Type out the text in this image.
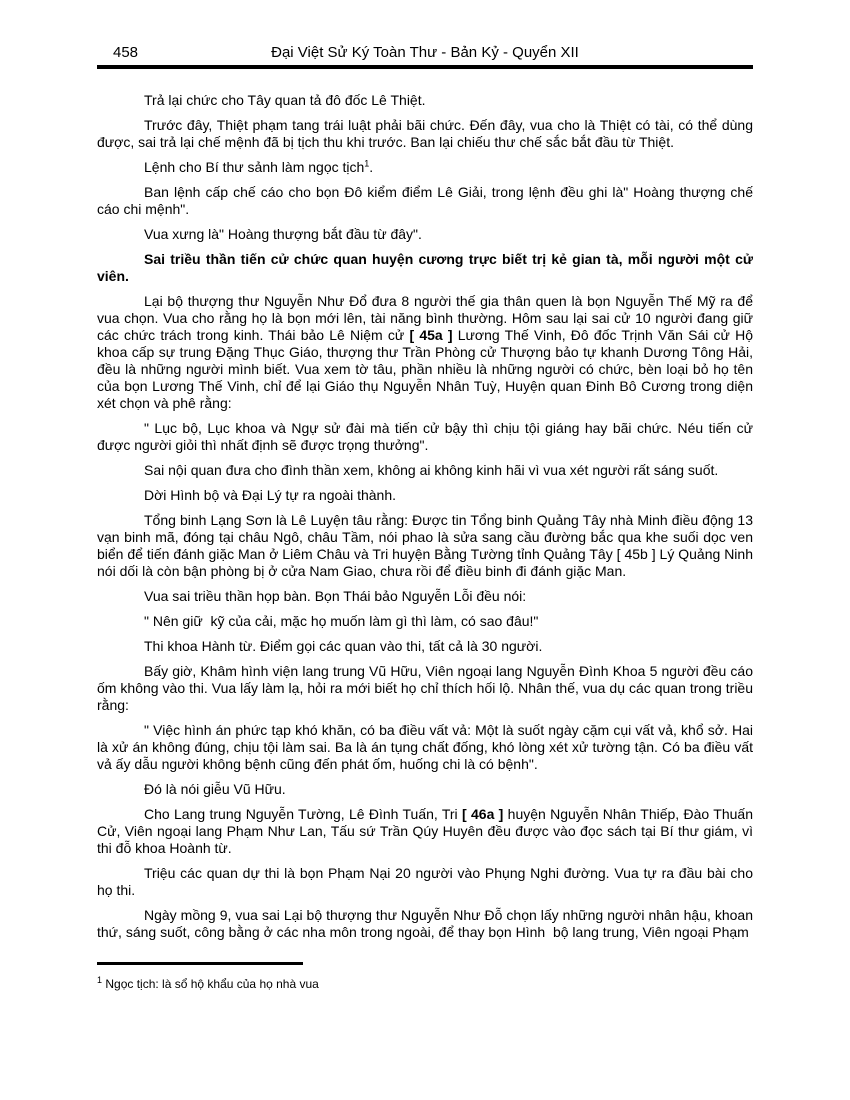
458	Đại Việt Sử Ký Toàn Thư - Bản Kỷ - Quyển XII

Trả lại chức cho Tây quan tả đô đốc Lê Thiệt.

Trước đây, Thiệt phạm tang trái luật phải bãi chức. Đến đây, vua cho là Thiệt có tài, có thể dùng được, sai trả lại chế mệnh đã bị tịch thu khi trước. Ban lại chiếu thư chế sắc bắt đầu từ Thiệt.

Lệnh cho Bí thư sảnh làm ngọc tịch$^1$.

Ban lệnh cấp chế cáo cho bọn Đô kiểm điểm Lê Giải, trong lệnh đều ghi là" Hoàng thượng chế cáo chi mệnh".

Vua xưng là" Hoàng thượng bắt đầu từ đây".

Sai triều thần tiến cử chức quan huyện cương trực biết trị kẻ gian tà, mỗi người một cử viên.

Lại bộ thượng thư Nguyễn Như Đổ đưa 8 người thế gia thân quen là bọn Nguyễn Thế Mỹ ra để vua chọn. Vua cho rằng họ là bọn mới lên, tài năng bình thường. Hôm sau lại sai cử 10 người đang giữ các chức trách trong kinh. Thái bảo Lê Niệm cử [ 45a ] Lương Thế Vinh, Đô đốc Trịnh Văn Sái cử Hộ khoa cấp sự trung Đặng Thục Giáo, thượng thư Trần Phòng cử Thượng bảo tự khanh Dương Tông Hải, đều là những người mình biết. Vua xem tờ tâu, phần nhiều là những người có chức, bèn loại bỏ họ tên của bọn Lương Thế Vinh, chỉ để lại Giáo thụ Nguyễn Nhân Tuỳ, Huyện quan Đinh Bô Cương trong diện xét chọn và phê rằng:

" Lục bộ, Lục khoa và Ngự sử đài mà tiến cử bậy thì chịu tội giáng hay bãi chức. Néu tiến cử được người giỏi thì nhất định sẽ được trọng thưởng".

Sai nội quan đưa cho đình thần xem, không ai không kinh hãi vì vua xét người rất sáng suốt.

Dời Hình bộ và Đại Lý tự ra ngoài thành.

Tổng binh Lạng Sơn là Lê Luyện tâu rằng: Được tin Tổng binh Quảng Tây nhà Minh điều động 13 vạn binh mã, đóng tại châu Ngô, châu Tầm, nói phao là sửa sang cầu đường bắc qua khe suối dọc ven biển để tiến đánh giặc Man ở Liêm Châu và Tri huyện Bằng Tường tỉnh Quảng Tây [ 45b ] Lý Quảng Ninh nói dối là còn bận phòng bị ở cửa Nam Giao, chưa rồi để điều binh đi đánh giặc Man.

Vua sai triều thần họp bàn. Bọn Thái bảo Nguyễn Lỗi đều nói:

" Nên giữ  kỹ của cải, mặc họ muốn làm gì thì làm, có sao đâu!"

Thi khoa Hành từ. Điểm gọi các quan vào thi, tất cả là 30 người.

Bấy giờ, Khâm hình viện lang trung Vũ Hữu, Viên ngoại lang Nguyễn Đình Khoa 5 người đều cáo ốm không vào thi. Vua lấy làm lạ, hỏi ra mới biết họ chỉ thích hối lộ. Nhân thế, vua dụ các quan trong triều rằng:

" Việc hình án phức tạp khó khăn, có ba điều vất vả: Một là suốt ngày cặm cụi vất vả, khổ sở. Hai là xử án không đúng, chịu tội làm sai. Ba là án tụng chất đống, khó lòng xét xử tường tận. Có ba điều vất vả ấy dẫu người không bệnh cũng đến phát ốm, huống chi là có bệnh".

Đó là nói giễu Vũ Hữu.

Cho Lang trung Nguyễn Tường, Lê Đình Tuấn, Tri [ 46a ] huyện Nguyễn Nhân Thiếp, Đào Thuấn Cử, Viên ngoại lang Phạm Như Lan, Tấu sứ Trần Qúy Huyên đều được vào đọc sách tại Bí thư giám, vì thi đỗ khoa Hoành từ.

Triệu các quan dự thi là bọn Phạm Nại 20 người vào Phụng Nghi đường. Vua tự ra đầu bài cho họ thi.

Ngày mồng 9, vua sai Lại bộ thượng thư Nguyễn Như Đỗ chọn lấy những người nhân hậu, khoan thứ, sáng suốt, công bằng ở các nha môn trong ngoài, để thay bọn Hình  bộ lang trung, Viên ngoại Phạm

$^1$ Ngọc tịch: là sổ hộ khẩu của họ nhà vua
